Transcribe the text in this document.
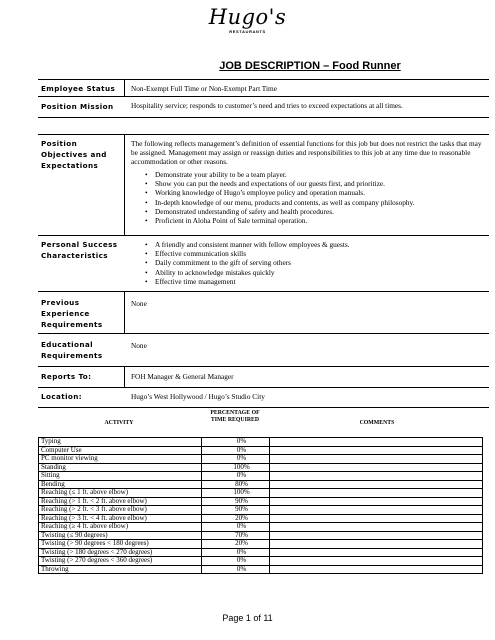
Hugo's
RESTAURANTS
JOB DESCRIPTION – Food Runner
Employee Status	Non-Exempt Full Time or Non-Exempt Part Time
Position Mission	Hospitality service; responds to customer’s need and tries to exceed expectations at all times.
Position Objectives and Expectations
The following reflects management’s definition of essential functions for this job but does not restrict the tasks that may be assigned. Management may assign or reassign duties and responsibilities to this job at any time due to reasonable accommodation or other reasons.
• Demonstrate your ability to be a team player.
• Show you can put the needs and expectations of our guests first, and prioritize.
• Working knowledge of Hugo’s employee policy and operation manuals.
• In-depth knowledge of our menu, products and contents, as well as company philosophy.
• Demonstrated understanding of safety and health procedures.
• Proficient in Aloha Point of Sale terminal operation.
Personal Success Characteristics
• A friendly and consistent manner with fellow employees & guests.
• Effective communication skills
• Daily commitment to the gift of serving others
• Ability to acknowledge mistakes quickly
• Effective time management
Previous Experience Requirements
None
Educational Requirements
None
Reports To:	FOH Manager & General Manager
Location:	Hugo’s West Hollywood / Hugo’s Studio City
ACTIVITY
PERCENTAGE OF TIME REQUIRED
COMMENTS
Typing	0%	
Computer Use	0%	
PC monitor viewing	0%	
Standing	100%	
Sitting	0%	
Bending	80%	
Reaching (≤ 1 ft. above elbow)	100%	
Reaching (> 1 ft. < 2 ft. above elbow)	90%	
Reaching (> 2 ft. < 3 ft. above elbow)	90%	
Reaching (> 3 ft. < 4 ft. above elbow)	20%	
Reaching (≥ 4 ft. above elbow)	0%	
Twisting (≤ 90 degrees)	70%	
Twisting (> 90 degrees < 180 degrees)	20%	
Twisting (> 180 degrees < 270 degrees)	0%	
Twisting (> 270 degrees < 360 degrees)	0%	
Throwing	0%	
Page 1 of 11
